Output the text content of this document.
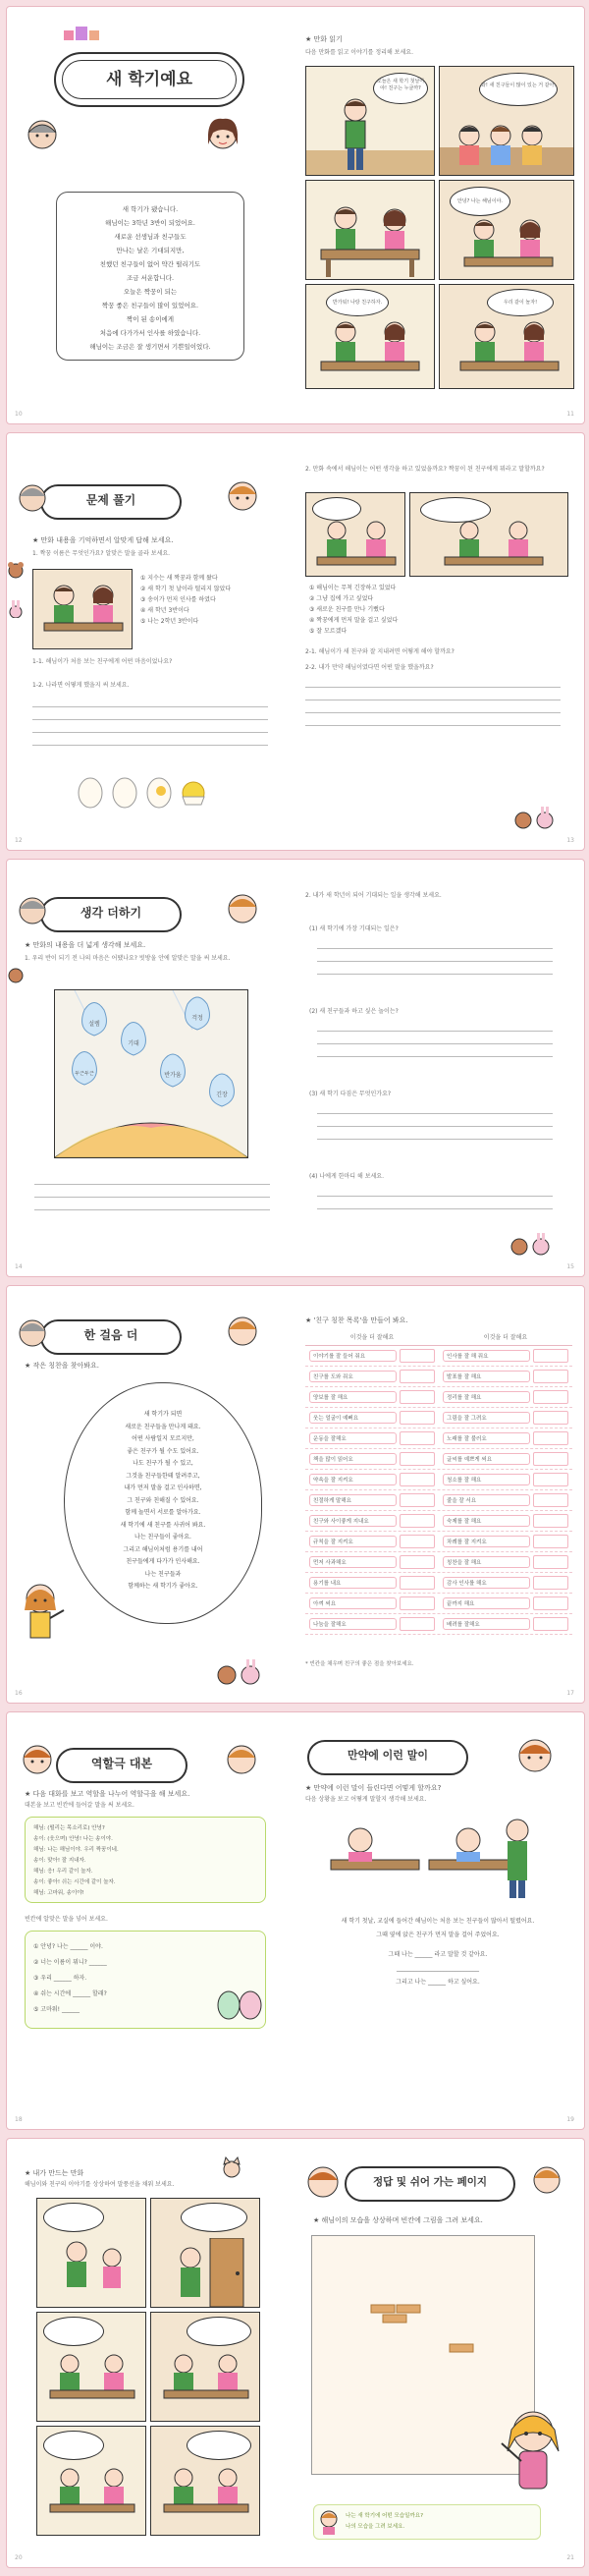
새 학기예요
새 학기가 됐습니다.
해님이는 3학년 3반이 되었어요.
새로운 선생님과 친구들도
만나는 날은 기대되지만,
친했던 친구들이 없어 약간 떨리기도
조금 서운합니다.
오늘은 짝꿍이 되는
짝꿍 좋은 친구들이 많이 있었어요.
짝이 된 송이에게
처음에 다가가서 인사를 하였습니다.
해님이는 조금은 잘 생기면서 기쁜일이었다.
10
★ 만화 읽기
다음 만화를 읽고 이야기를 정리해 보세요.
오늘은 새 학기 첫날이야! 친구는 누굴까?	와! 새 친구들이 많이 있는 거 같아.
안녕? 나는 해님이야.
반가워! 나랑 친구하자.	우리 같이 놀자!
11
문제 풀기
★ 만화 내용을 기억하면서 알맞게 답해 보세요.
1. 짝꿍 이름은 무엇인가요? 알맞은 말을 골라 보세요.
① 지수는 새 짝꿍과 함께 왔다
② 새 학기 첫 날이라 떨리지 않았다
③ 송이가 먼저 인사를 하였다
④ 새 학년 3반이다
⑤ 나는 2학년 3반이다
1-1. 해님이가 처음 보는 친구에게 어떤 마음이었나요?
1-2. 나라면 어떻게 했을지 써 보세요.
12
2. 만화 속에서 해님이는 어떤 생각을 하고 있었을까요? 짝꿍이 된 친구에게 뭐라고 말할까요?
① 해님이는 무척 긴장하고 있었다
② 그냥 집에 가고 싶었다
③ 새로운 친구를 만나 기뻤다
④ 짝꿍에게 먼저 말을 걸고 싶었다
⑤ 잘 모르겠다
2-1. 해님이가 새 친구와 잘 지내려면 어떻게 해야 할까요?
2-2. 내가 만약 해님이였다면 어떤 말을 했을까요?
13
생각 더하기
★ 만화의 내용을 더 넓게 생각해 보세요.
1. 우리 반이 되기 전 나의 마음은 어땠나요? 빗방울 안에 알맞은 말을 써 보세요.
설렘
기대
걱정
두근두근	반가움
긴장
14
2. 내가 새 학년이 되어 기대되는 일을 생각해 보세요.
(1) 새 학기에 가장 기대되는 일은?
(2) 새 친구들과 하고 싶은 놀이는?
(3) 새 학기 다짐은 무엇인가요?
(4) 나에게 한마디 해 보세요.
15
한 걸음 더
★ 작은 칭찬을 찾아봐요.
새 학기가 되면
새로운 친구들을 만나게 돼요.
어떤 사람일지 모르지만,
좋은 친구가 될 수도 있어요.
나도 친구가 될 수 있고,
그것을 친구들한테 알려주고,
내가 먼저 말을 걸고 인사하면,
그 친구와 친해질 수 있어요.
함께 놀면서 서로를 알아가요.
새 학기에 새 친구를 사귀어 봐요.
나는 친구들이 좋아요.
그리고 해님이처럼 용기를 내어
친구들에게 다가가 인사해요.
나는 친구들과
함께하는 새 학기가 좋아요.
16
★ '친구 칭찬 목록'을 만들어 봐요.
이것을 더 잘해요	이것을 더 잘해요
이야기를 잘 들어 줘요	인사를 잘 해 줘요
친구를 도와 줘요	발표를 잘 해요
양보를 잘 해요	정리를 잘 해요
웃는 얼굴이 예뻐요	그림을 잘 그려요
운동을 잘해요	노래를 잘 불러요
책을 많이 읽어요	글씨를 예쁘게 써요
약속을 잘 지켜요	청소를 잘 해요
친절하게 말해요	줄을 잘 서요
친구와 사이좋게 지내요	숙제를 잘 해요
규칙을 잘 지켜요	차례를 잘 지켜요
먼저 사과해요	칭찬을 잘 해요
용기를 내요	감사 인사를 해요
아껴 써요	끝까지 해요
나눔을 잘해요	배려를 잘해요
* 빈칸을 채우며 친구의 좋은 점을 찾아보세요.
17
역할극 대본
★ 다음 대화를 보고 역할을 나누어 역할극을 해 보세요.
대본을 보고 빈칸에 들어갈 말을 써 보세요.
해님: (떨리는 목소리로) 안녕?
송이: (웃으며) 안녕! 나는 송이야.
해님: 나는 해님이야. 우리 짝꿍이네.
송이: 맞아! 잘 지내자.
해님: 응! 우리 같이 놀자.
송이: 좋아! 쉬는 시간에 같이 놀자.
해님: 고마워, 송이야!
빈칸에 알맞은 말을 넣어 보세요.
① 안녕? 나는 ______ 이야.
② 너는 이름이 뭐니? ______
③ 우리 ______ 하자.
④ 쉬는 시간에 ______ 할래?
⑤ 고마워! ______
18
만약에 이런 말이
★ 만약에 이런 말이 들린다면 어떻게 할까요?
다음 상황을 보고 어떻게 말할지 생각해 보세요.
새 학기 첫날, 교실에 들어간 해님이는 처음 보는 친구들이 많아서 떨렸어요.
그때 옆에 앉은 친구가 먼저 말을 걸어 주었어요.
그때 나는 ______ 라고 말할 것 같아요.
____________________________
그리고 나는 ______ 하고 싶어요.
19
★ 내가 만드는 만화
해님이와 친구의 이야기를 상상하여 말풍선을 채워 보세요.
20
정답 및 쉬어 가는 페이지
★ 해님이의 모습을 상상하며 빈칸에 그림을 그려 보세요.
나는 새 학기에 어떤 모습일까요?
나의 모습을 그려 보세요.
21
